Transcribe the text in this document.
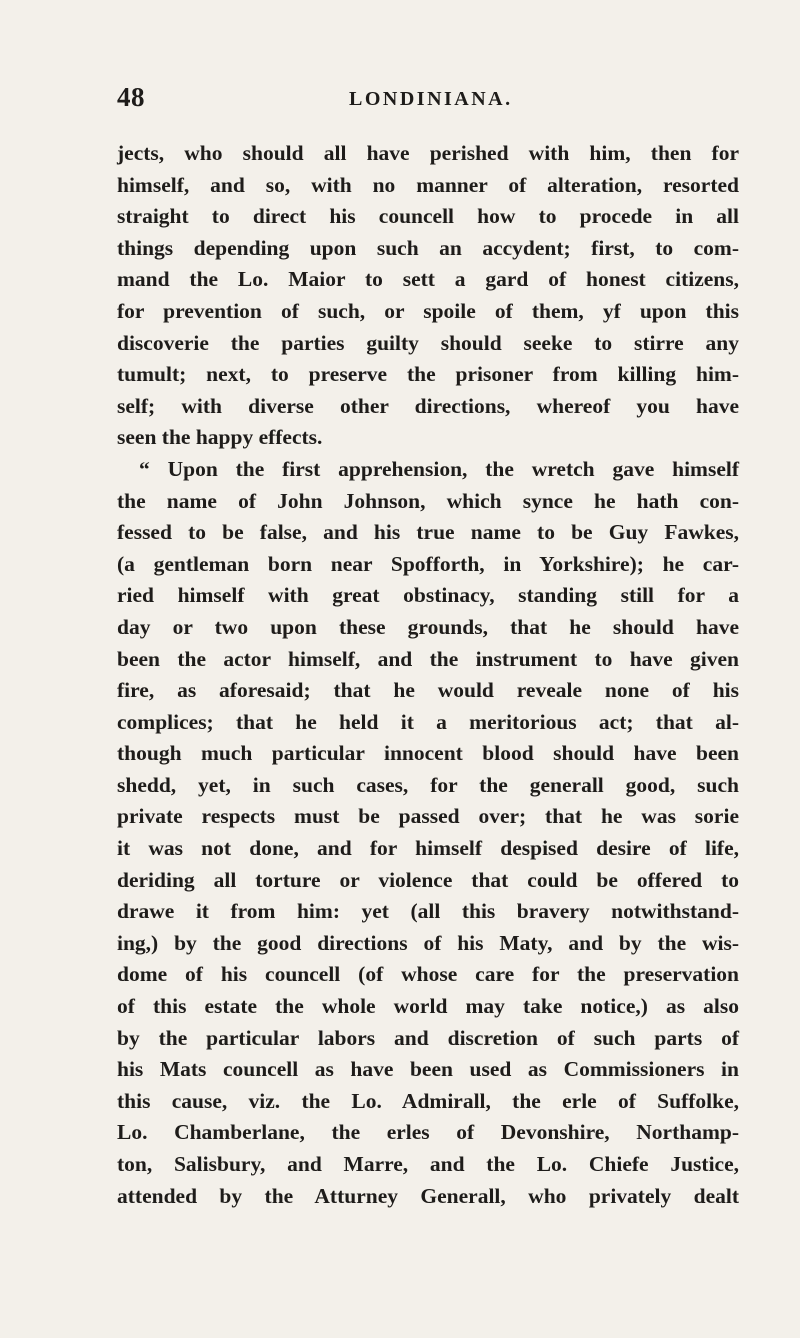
48	LONDINIANA.
jects, who should all have perished with him, then for
himself, and so, with no manner of alteration, resorted
straight to direct his councell how to procede in all
things depending upon such an accydent; first, to com-
mand the Lo. Maior to sett a gard of honest citizens,
for prevention of such, or spoile of them, yf upon this
discoverie the parties guilty should seeke to stirre any
tumult; next, to preserve the prisoner from killing him-
self; with diverse other directions, whereof you have
seen the happy effects.
“ Upon the first apprehension, the wretch gave himself
the name of John Johnson, which synce he hath con-
fessed to be false, and his true name to be Guy Fawkes,
(a gentleman born near Spofforth, in Yorkshire); he car-
ried himself with great obstinacy, standing still for a
day or two upon these grounds, that he should have
been the actor himself, and the instrument to have given
fire, as aforesaid; that he would reveale none of his
complices; that he held it a meritorious act; that al-
though much particular innocent blood should have been
shedd, yet, in such cases, for the generall good, such
private respects must be passed over; that he was sorie
it was not done, and for himself despised desire of life,
deriding all torture or violence that could be offered to
drawe it from him: yet (all this bravery notwithstand-
ing,) by the good directions of his Maty, and by the wis-
dome of his councell (of whose care for the preservation
of this estate the whole world may take notice,) as also
by the particular labors and discretion of such parts of
his Mats councell as have been used as Commissioners in
this cause, viz. the Lo. Admirall, the erle of Suffolke,
Lo. Chamberlane, the erles of Devonshire, Northamp-
ton, Salisbury, and Marre, and the Lo. Chiefe Justice,
attended by the Atturney Generall, who privately dealt
